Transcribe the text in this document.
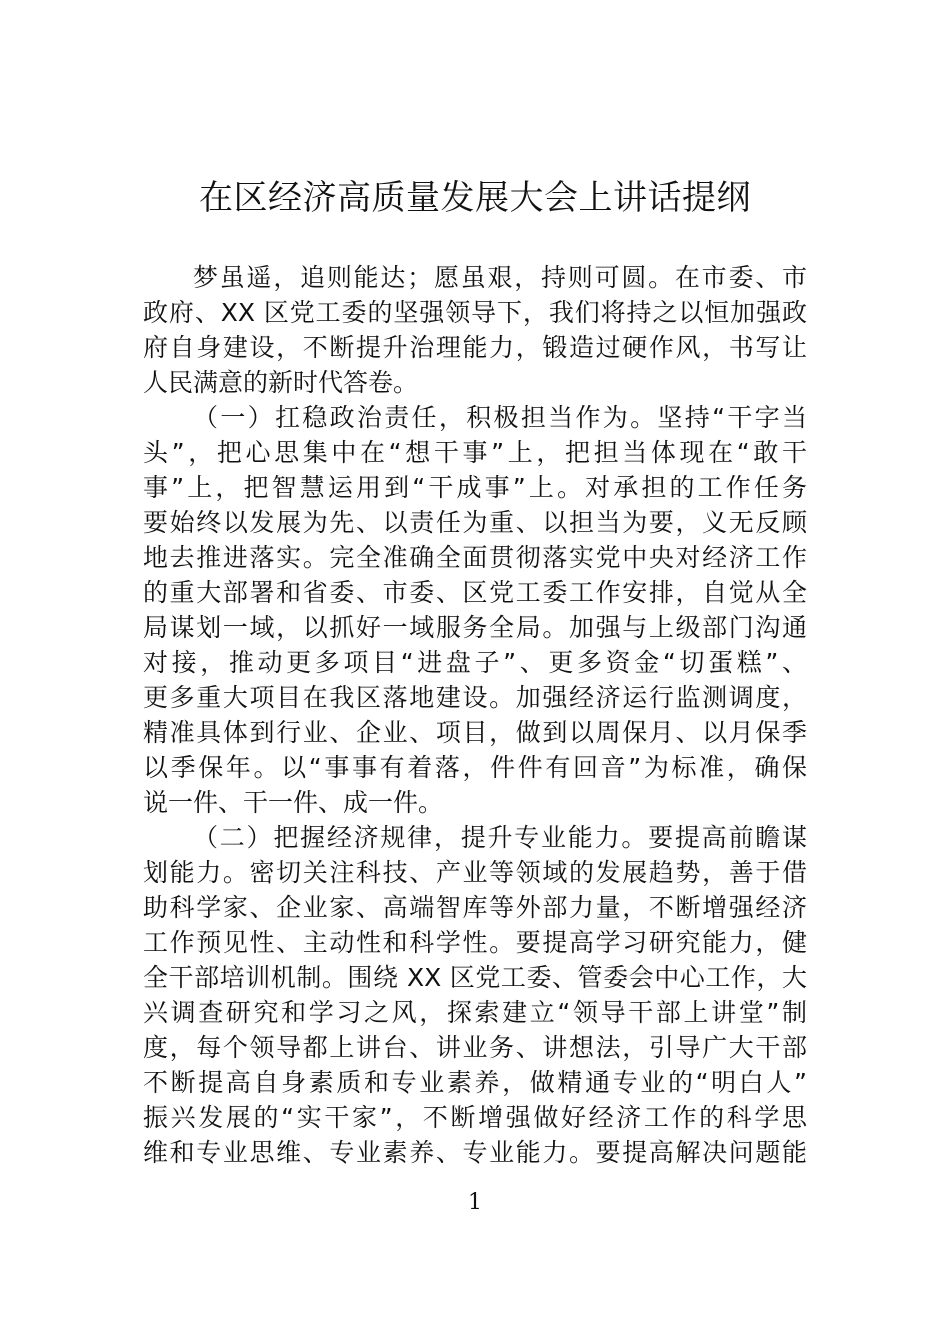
在区经济高质量发展大会上讲话提纲

梦虽遥，追则能达；愿虽艰，持则可圆。在市委、市
政府、XX 区党工委的坚强领导下，我们将持之以恒加强政
府自身建设，不断提升治理能力，锻造过硬作风，书写让
人民满意的新时代答卷。

（一）扛稳政治责任，积极担当作为。坚持“干字当
头”，把心思集中在“想干事”上，把担当体现在“敢干
事”上，把智慧运用到“干成事”上。对承担的工作任务
要始终以发展为先、以责任为重、以担当为要，义无反顾
地去推进落实。完全准确全面贯彻落实党中央对经济工作
的重大部署和省委、市委、区党工委工作安排，自觉从全
局谋划一域，以抓好一域服务全局。加强与上级部门沟通
对接，推动更多项目“进盘子”、更多资金“切蛋糕”、
更多重大项目在我区落地建设。加强经济运行监测调度，
精准具体到行业、企业、项目，做到以周保月、以月保季
以季保年。以“事事有着落，件件有回音”为标准，确保
说一件、干一件、成一件。

（二）把握经济规律，提升专业能力。要提高前瞻谋
划能力。密切关注科技、产业等领域的发展趋势，善于借
助科学家、企业家、高端智库等外部力量，不断增强经济
工作预见性、主动性和科学性。要提高学习研究能力，健
全干部培训机制。围绕 XX 区党工委、管委会中心工作，大
兴调查研究和学习之风，探索建立“领导干部上讲堂”制
度，每个领导都上讲台、讲业务、讲想法，引导广大干部
不断提高自身素质和专业素养，做精通专业的“明白人”
振兴发展的“实干家”，不断增强做好经济工作的科学思
维和专业思维、专业素养、专业能力。要提高解决问题能

1
